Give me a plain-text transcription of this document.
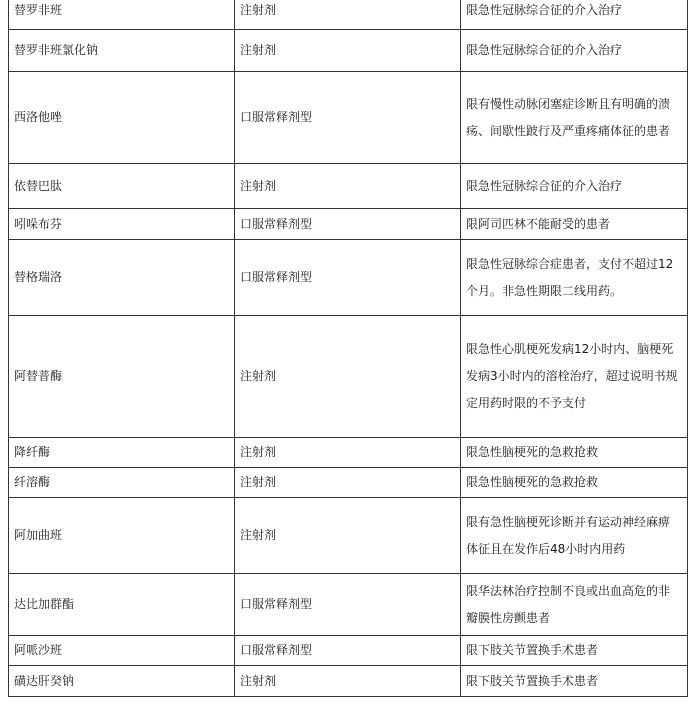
替罗非班	注射剂	限急性冠脉综合征的介入治疗
替罗非班氯化钠	注射剂	限急性冠脉综合征的介入治疗
西洛他唑	口服常释剂型	限有慢性动脉闭塞症诊断且有明确的溃疡、间歇性跛行及严重疼痛体征的患者
依替巴肽	注射剂	限急性冠脉综合征的介入治疗
吲哚布芬	口服常释剂型	限阿司匹林不能耐受的患者
替格瑞洛	口服常释剂型	限急性冠脉综合症患者，支付不超过12个月。非急性期限二线用药。
阿替普酶	注射剂	限急性心肌梗死发病12小时内、脑梗死发病3小时内的溶栓治疗，超过说明书规定用药时限的不予支付
降纤酶	注射剂	限急性脑梗死的急救抢救
纤溶酶	注射剂	限急性脑梗死的急救抢救
阿加曲班	注射剂	限有急性脑梗死诊断并有运动神经麻痹体征且在发作后48小时内用药
达比加群酯	口服常释剂型	限华法林治疗控制不良或出血高危的非瓣膜性房颤患者
阿哌沙班	口服常释剂型	限下肢关节置换手术患者
磺达肝癸钠	注射剂	限下肢关节置换手术患者
